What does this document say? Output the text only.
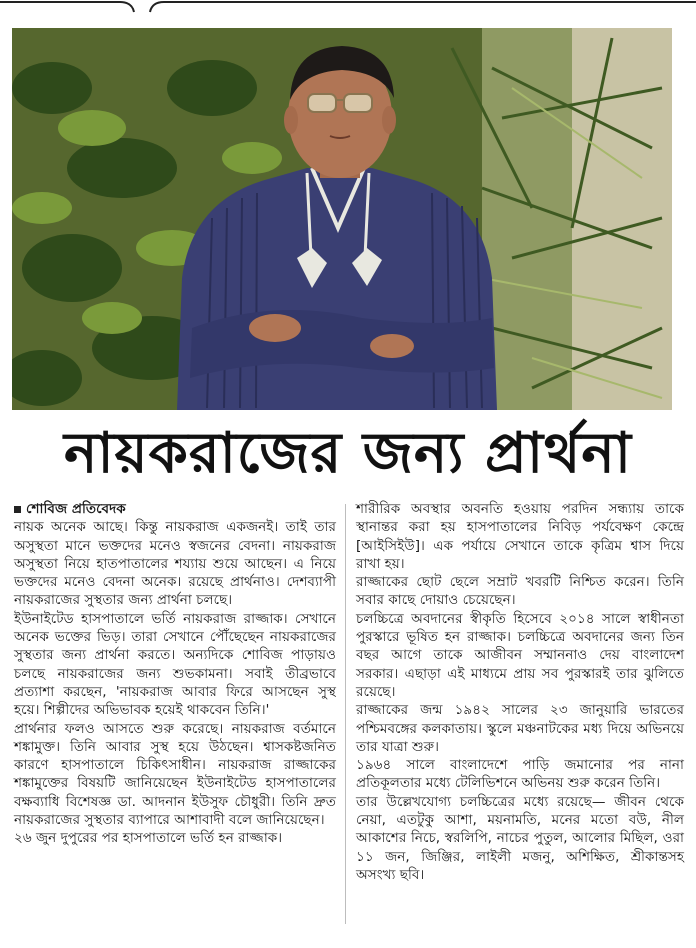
নায়করাজের জন্য প্রার্থনা

শোবিজ প্রতিবেদক

নায়ক অনেক আছে। কিন্তু নায়করাজ একজনই। তাই তার অসুস্থতা মানে ভক্তদের মনেও স্বজনের বেদনা। নায়করাজ অসুস্থতা নিয়ে হাতপাতালের শয্যায় শুয়ে আছেন। এ নিয়ে ভক্তদের মনেও বেদনা অনেক। রয়েছে প্রার্থনাও। দেশব্যাপী নায়করাজের সুস্থতার জন্য প্রার্থনা চলছে।

ইউনাইটেড হাসপাতালে ভর্তি নায়করাজ রাজ্জাক। সেখানে অনেক ভক্তের ভিড়। তারা সেখানে পৌঁছেছেন নায়করাজের সুস্থতার জন্য প্রার্থনা করতে। অন্যদিকে শোবিজ পাড়ায়ও চলছে নায়করাজের জন্য শুভকামনা। সবাই তীব্রভাবে প্রত্যাশা করছেন, 'নায়করাজ আবার ফিরে আসছেন সুস্থ হয়ে। শিল্পীদের অভিভাবক হয়েই থাকবেন তিনি।'

প্রার্থনার ফলও আসতে শুরু করেছে। নায়করাজ বর্তমানে শঙ্কামুক্ত। তিনি আবার সুস্থ হয়ে উঠছেন। শ্বাসকষ্টজনিত কারণে হাসপাতালে চিকিৎসাধীন। নায়করাজ রাজ্জাকের শঙ্কামুক্তের বিষয়টি জানিয়েছেন ইউনাইটেড হাসপাতালের বক্ষব্যাধি বিশেষজ্ঞ ডা. আদনান ইউসুফ চৌধুরী। তিনি দ্রুত নায়করাজের সুস্থতার ব্যাপারে আশাবাদী বলে জানিয়েছেন।

২৬ জুন দুপুরের পর হাসপাতালে ভর্তি হন রাজ্জাক।

শারীরিক অবস্থার অবনতি হওয়ায় পরদিন সন্ধ্যায় তাকে স্থানান্তর করা হয় হাসপাতালের নিবিড় পর্যবেক্ষণ কেন্দ্রে [আইসিইউ]। এক পর্যায়ে সেখানে তাকে কৃত্রিম শ্বাস দিয়ে রাখা হয়।

রাজ্জাকের ছোট ছেলে সম্রাট খবরটি নিশ্চিত করেন। তিনি সবার কাছে দোয়াও চেয়েছেন।

চলচ্চিত্রে অবদানের স্বীকৃতি হিসেবে ২০১৪ সালে স্বাধীনতা পুরস্কারে ভূষিত হন রাজ্জাক। চলচ্চিত্রে অবদানের জন্য তিন বছর আগে তাকে আজীবন সম্মাননাও দেয় বাংলাদেশ সরকার। এছাড়া এই মাধ্যমে প্রায় সব পুরস্কারই তার ঝুলিতে রয়েছে।

রাজ্জাকের জন্ম ১৯৪২ সালের ২৩ জানুয়ারি ভারতের পশ্চিমবঙ্গের কলকাতায়। স্কুলে মঞ্চনাটকের মধ্য দিয়ে অভিনয়ে তার যাত্রা শুরু।

১৯৬৪ সালে বাংলাদেশে পাড়ি জমানোর পর নানা প্রতিকূলতার মধ্যে টেলিভিশনে অভিনয় শুরু করেন তিনি।

তার উল্লেখযোগ্য চলচ্চিত্রের মধ্যে রয়েছে— জীবন থেকে নেয়া, এতটুকু আশা, ময়নামতি, মনের মতো বউ, নীল আকাশের নিচে, স্বরলিপি, নাচের পুতুল, আলোর মিছিল, ওরা ১১ জন, জিঞ্জির, লাইলী মজনু, অশিক্ষিত, শ্রীকান্তসহ অসংখ্য ছবি।
